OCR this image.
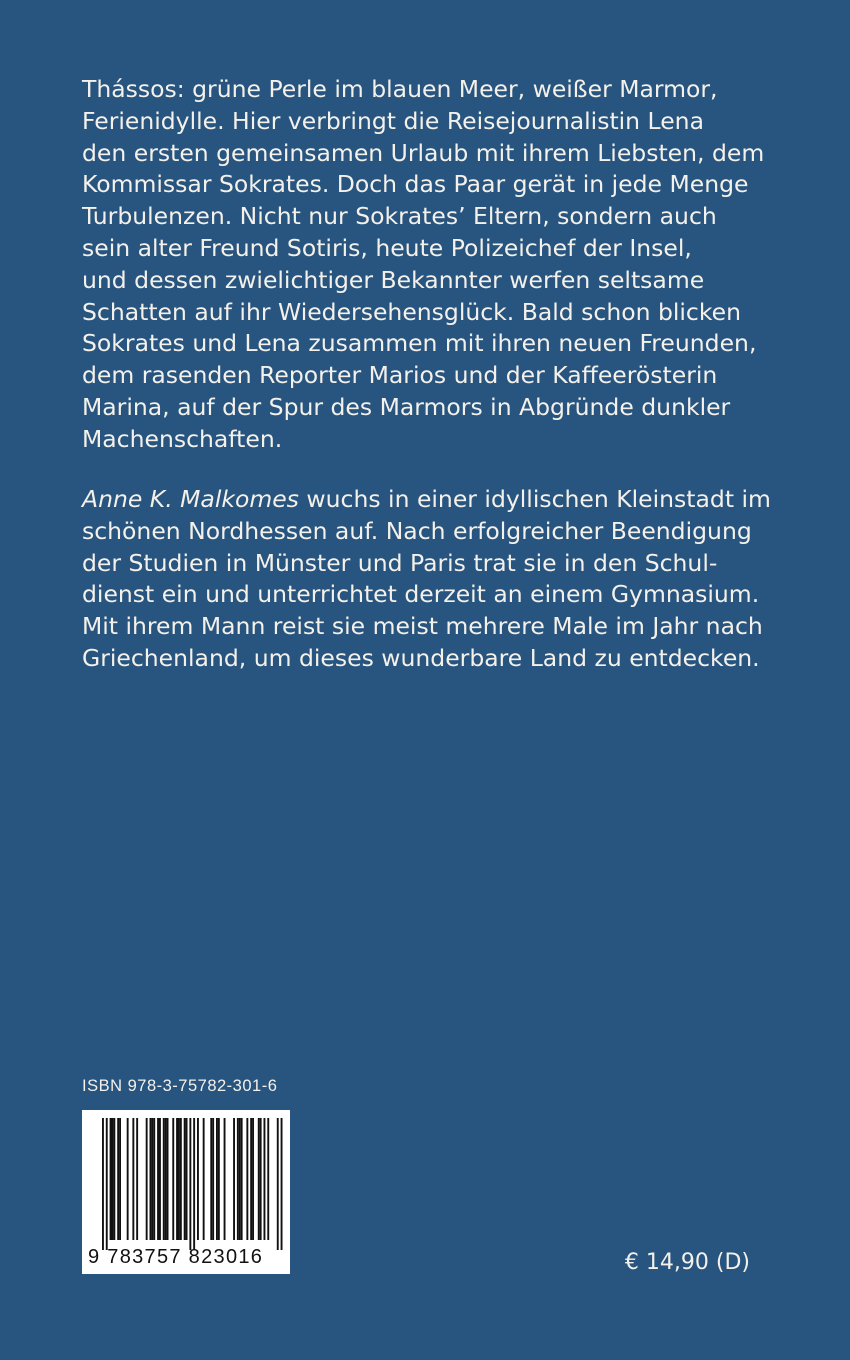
Thássos: grüne Perle im blauen Meer, weißer Marmor,
Ferienidylle. Hier verbringt die Reisejournalistin Lena
den ersten gemeinsamen Urlaub mit ihrem Liebsten, dem
Kommissar Sokrates. Doch das Paar gerät in jede Menge
Turbulenzen. Nicht nur Sokrates’ Eltern, sondern auch
sein alter Freund Sotiris, heute Polizeichef der Insel,
und dessen zwielichtiger Bekannter werfen seltsame
Schatten auf ihr Wiedersehensglück. Bald schon blicken
Sokrates und Lena zusammen mit ihren neuen Freunden,
dem rasenden Reporter Marios und der Kaffeerösterin
Marina, auf der Spur des Marmors in Abgründe dunkler
Machenschaften.
Anne K. Malkomes wuchs in einer idyllischen Kleinstadt im
schönen Nordhessen auf. Nach erfolgreicher Beendigung
der Studien in Münster und Paris trat sie in den Schul-
dienst ein und unterrichtet derzeit an einem Gymnasium.
Mit ihrem Mann reist sie meist mehrere Male im Jahr nach
Griechenland, um dieses wunderbare Land zu entdecken.
ISBN 978-3-75782-301-6
9 783757 823016	€ 14,90 (D)
